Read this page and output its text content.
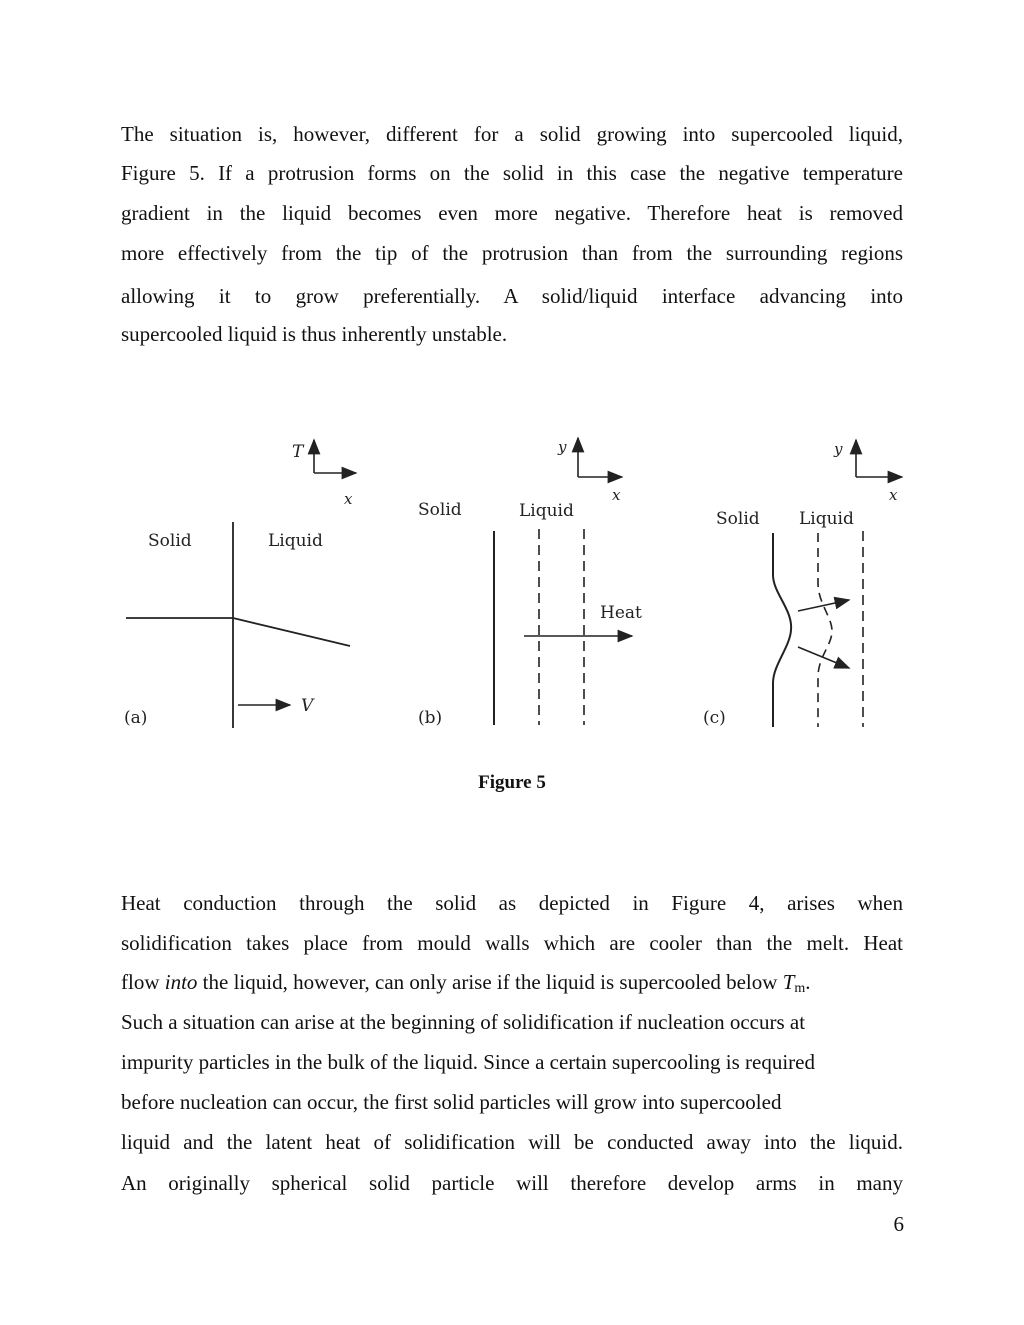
The situation is, however, different for a solid growing into supercooled liquid,
Figure 5. If a protrusion forms on the solid in this case the negative temperature
gradient in the liquid becomes even more negative. Therefore heat is removed
more effectively from the tip of the protrusion than from the surrounding regions
allowing it to grow preferentially. A solid/liquid interface advancing into
supercooled liquid is thus inherently unstable.
T
x
Solid	Liquid
V
(a)
y
x
Solid	Liquid
Heat
(b)
y
x
Solid Liquid
(c)
Figure 5
Heat conduction through the solid as depicted in Figure 4, arises when
solidification takes place from mould walls which are cooler than the melt. Heat
flow into the liquid, however, can only arise if the liquid is supercooled below $T_m$.
Such a situation can arise at the beginning of solidification if nucleation occurs at
impurity particles in the bulk of the liquid. Since a certain supercooling is required
before nucleation can occur, the first solid particles will grow into supercooled
liquid and the latent heat of solidification will be conducted away into the liquid.
An originally spherical solid particle will therefore develop arms in many
6
